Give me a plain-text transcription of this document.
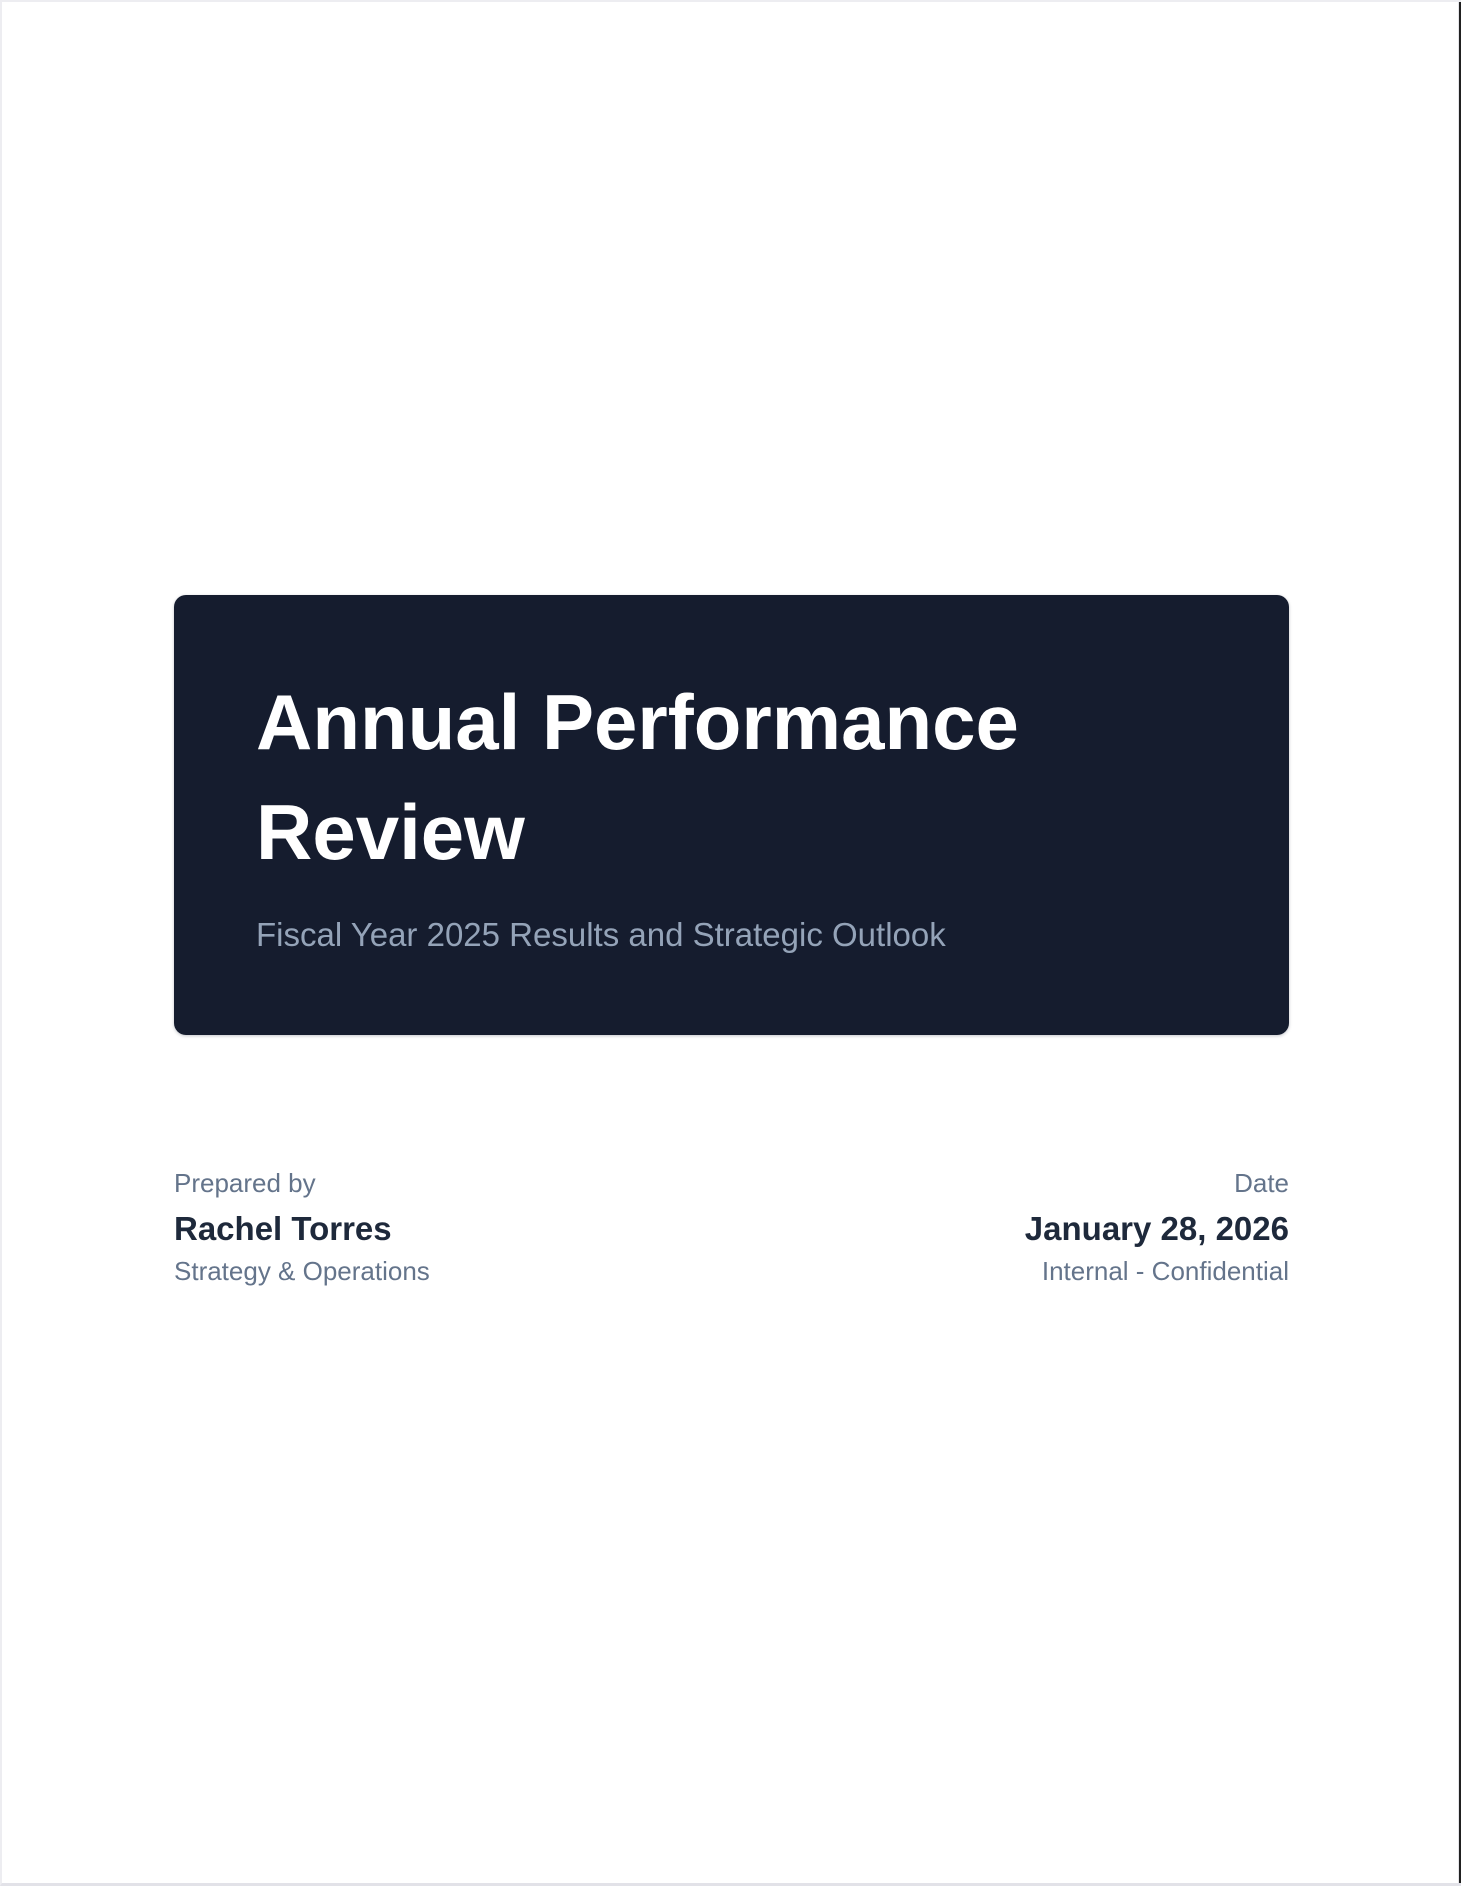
Annual Performance Review

Fiscal Year 2025 Results and Strategic Outlook

Prepared by
Rachel Torres
Strategy & Operations
Date
January 28, 2026
Internal - Confidential
